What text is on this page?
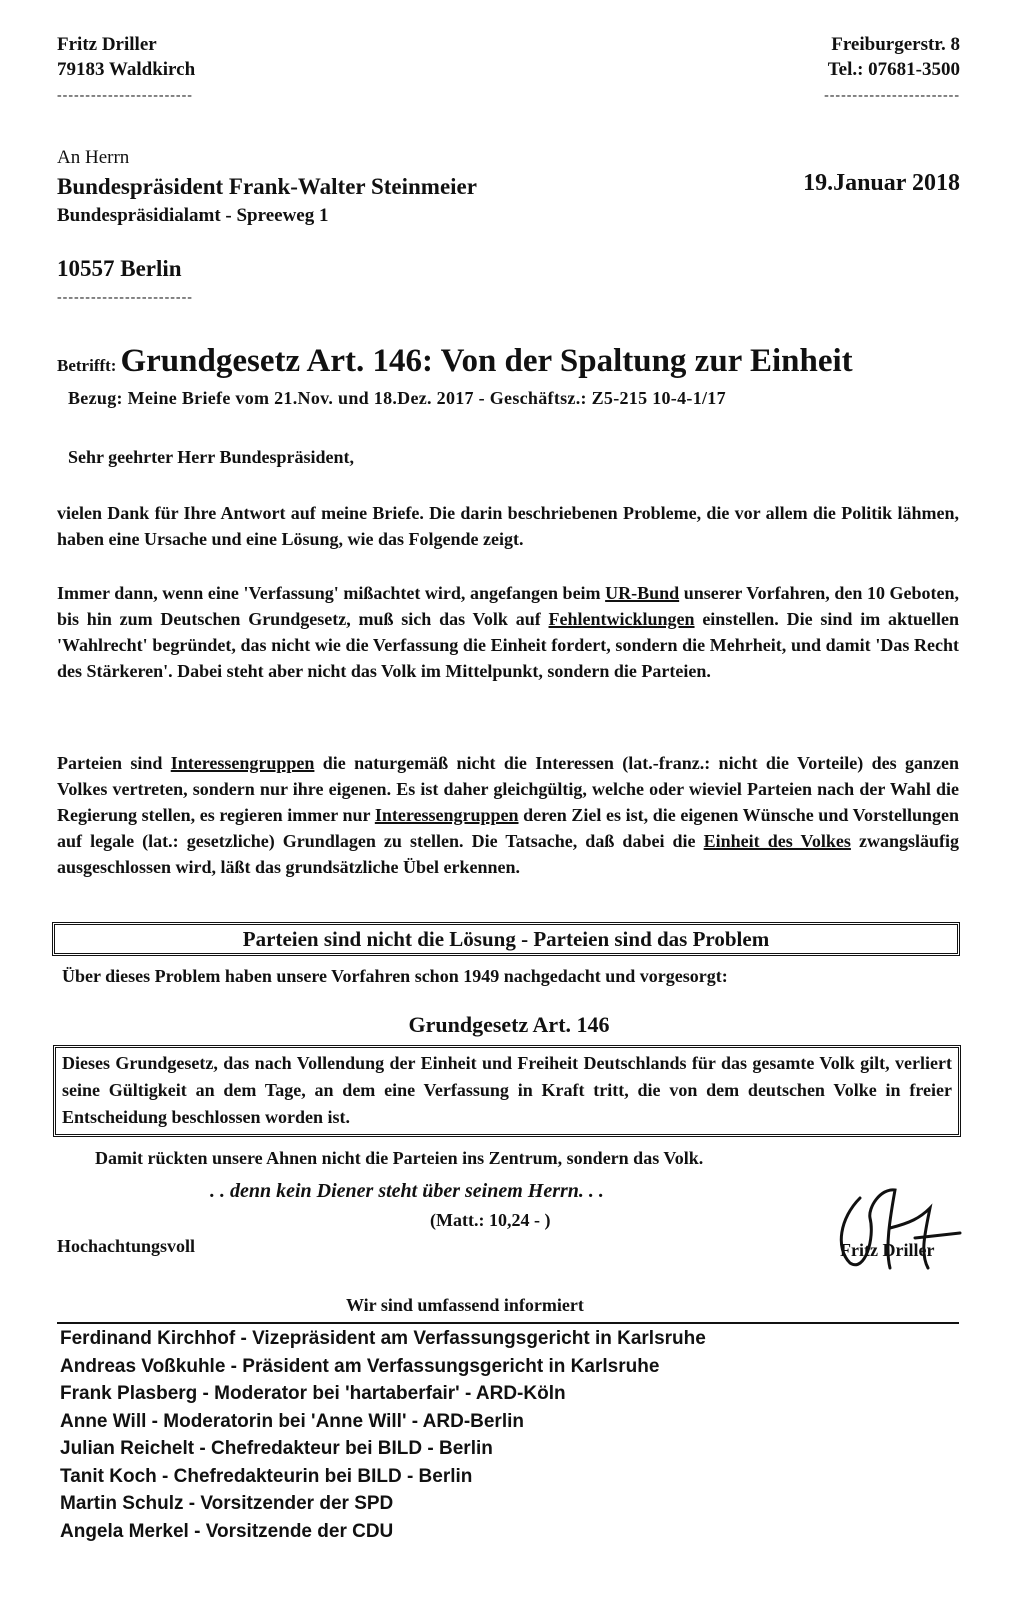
Fritz Driller
79183 Waldkirch
------------------------
Freiburgerstr. 8
Tel.: 07681-3500
------------------------
An Herrn
Bundespräsident Frank-Walter Steinmeier
Bundespräsidialamt - Spreeweg 1
19.Januar 2018
10557 Berlin
------------------------
Betrifft: Grundgesetz Art. 146: Von der Spaltung zur Einheit
Bezug: Meine Briefe vom 21.Nov. und 18.Dez. 2017 - Geschäftsz.: Z5-215 10-4-1/17
Sehr geehrter Herr Bundespräsident,
vielen Dank für Ihre Antwort auf meine Briefe. Die darin beschriebenen Probleme, die vor allem die Politik lähmen, haben eine Ursache und eine Lösung, wie das Folgende zeigt.
Immer dann, wenn eine 'Verfassung' mißachtet wird, angefangen beim UR-Bund unserer Vorfahren, den 10 Geboten, bis hin zum Deutschen Grundgesetz, muß sich das Volk auf Fehlentwicklungen einstellen. Die sind im aktuellen 'Wahlrecht' begründet, das nicht wie die Verfassung die Einheit fordert, sondern die Mehrheit, und damit 'Das Recht des Stärkeren'. Dabei steht aber nicht das Volk im Mittelpunkt, sondern die Parteien.
Parteien sind Interessengruppen die naturgemäß nicht die Interessen (lat.-franz.: nicht die Vorteile) des ganzen Volkes vertreten, sondern nur ihre eigenen. Es ist daher gleichgültig, welche oder wieviel Parteien nach der Wahl die Regierung stellen, es regieren immer nur Interessengruppen deren Ziel es ist, die eigenen Wünsche und Vorstellungen auf legale (lat.: gesetzliche) Grundlagen zu stellen. Die Tatsache, daß dabei die Einheit des Volkes zwangsläufig ausgeschlossen wird, läßt das grundsätzliche Übel erkennen.
Parteien sind nicht die Lösung - Parteien sind das Problem
Über dieses Problem haben unsere Vorfahren schon 1949 nachgedacht und vorgesorgt:
Grundgesetz Art. 146
Dieses Grundgesetz, das nach Vollendung der Einheit und Freiheit Deutschlands für das gesamte Volk gilt, verliert seine Gültigkeit an dem Tage, an dem eine Verfassung in Kraft tritt, die von dem deutschen Volke in freier Entscheidung beschlossen worden ist.
Damit rückten unsere Ahnen nicht die Parteien ins Zentrum, sondern das Volk.
. . denn kein Diener steht über seinem Herrn. . .
(Matt.: 10,24 - )
Hochachtungsvoll	Fritz Driller
Wir sind umfassend informiert
Ferdinand Kirchhof - Vizepräsident am Verfassungsgericht in Karlsruhe
Andreas Voßkuhle - Präsident am Verfassungsgericht in Karlsruhe
Frank Plasberg - Moderator bei 'hartaberfair' - ARD-Köln
Anne Will - Moderatorin bei 'Anne Will' - ARD-Berlin
Julian Reichelt - Chefredakteur bei BILD - Berlin
Tanit Koch - Chefredakteurin bei BILD - Berlin
Martin Schulz - Vorsitzender der SPD
Angela Merkel - Vorsitzende der CDU
